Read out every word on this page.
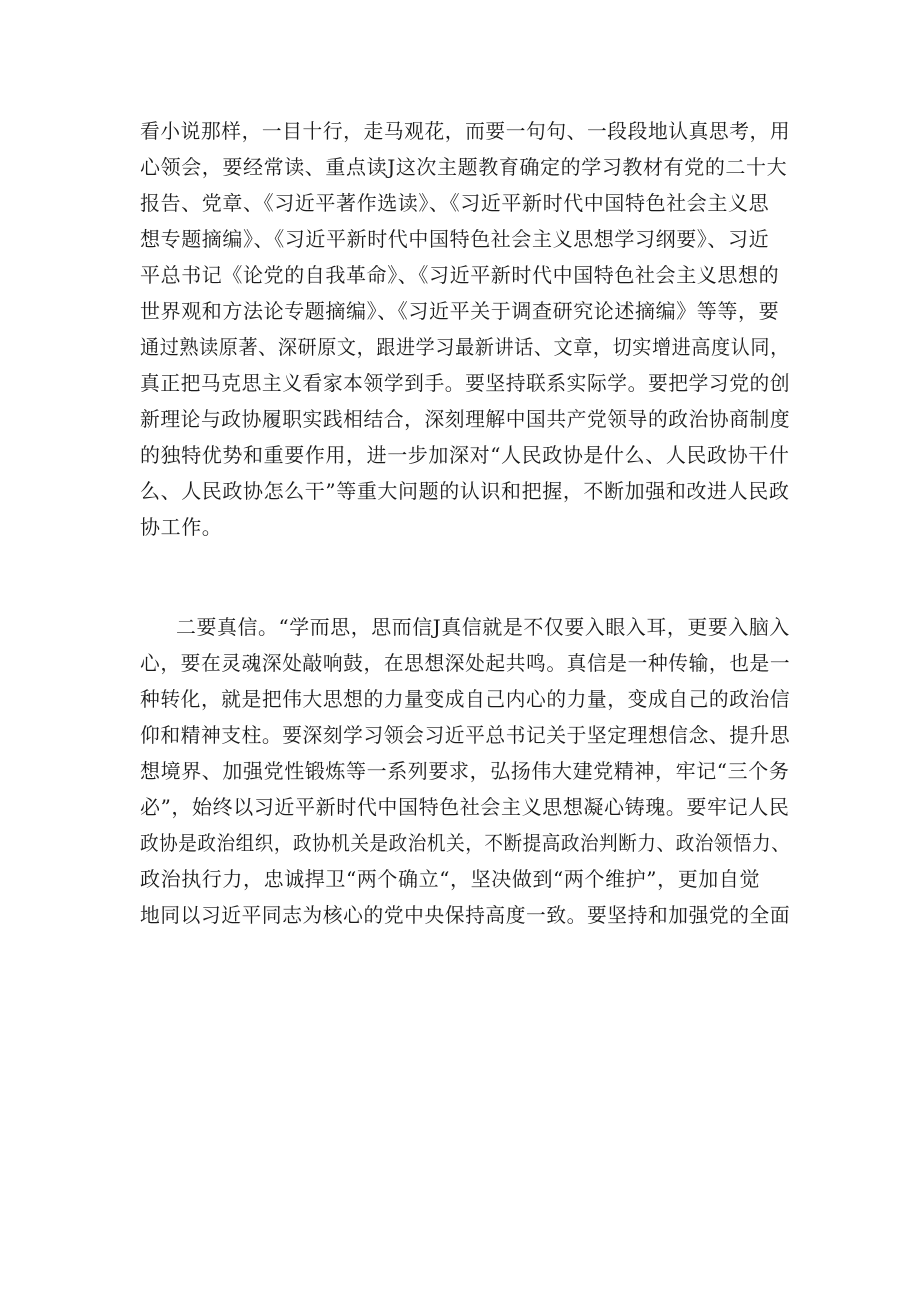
看小说那样，一目十行，走马观花，而要一句句、一段段地认真思考，用

心领会，要经常读、重点读J这次主题教育确定的学习教材有党的二十大

报告、党章、《习近平著作选读》、《习近平新时代中国特色社会主义思

想专题摘编》、《习近平新时代中国特色社会主义思想学习纲要》、习近

平总书记《论党的自我革命》、《习近平新时代中国特色社会主义思想的

世界观和方法论专题摘编》、《习近平关于调查研究论述摘编》等等，要

通过熟读原著、深研原文，跟进学习最新讲话、文章，切实增进高度认同，

真正把马克思主义看家本领学到手。要坚持联系实际学。要把学习党的创

新理论与政协履职实践相结合，深刻理解中国共产党领导的政治协商制度

的独特优势和重要作用，进一步加深对“人民政协是什么、人民政协干什

么、人民政协怎么干”等重大问题的认识和把握，不断加强和改进人民政

协工作。

二要真信。“学而思，思而信J真信就是不仅要入眼入耳，更要入脑入

心，要在灵魂深处敲响鼓，在思想深处起共鸣。真信是一种传输，也是一

种转化，就是把伟大思想的力量变成自己内心的力量，变成自己的政治信

仰和精神支柱。要深刻学习领会习近平总书记关于坚定理想信念、提升思

想境界、加强党性锻炼等一系列要求，弘扬伟大建党精神，牢记“三个务

必”，始终以习近平新时代中国特色社会主义思想凝心铸瑰。要牢记人民

政协是政治组织，政协机关是政治机关，不断提高政治判断力、政治领悟力、

政治执行力，忠诚捍卫“两个确立“，坚决做到“两个维护”，更加自觉

地同以习近平同志为核心的党中央保持高度一致。要坚持和加强党的全面
